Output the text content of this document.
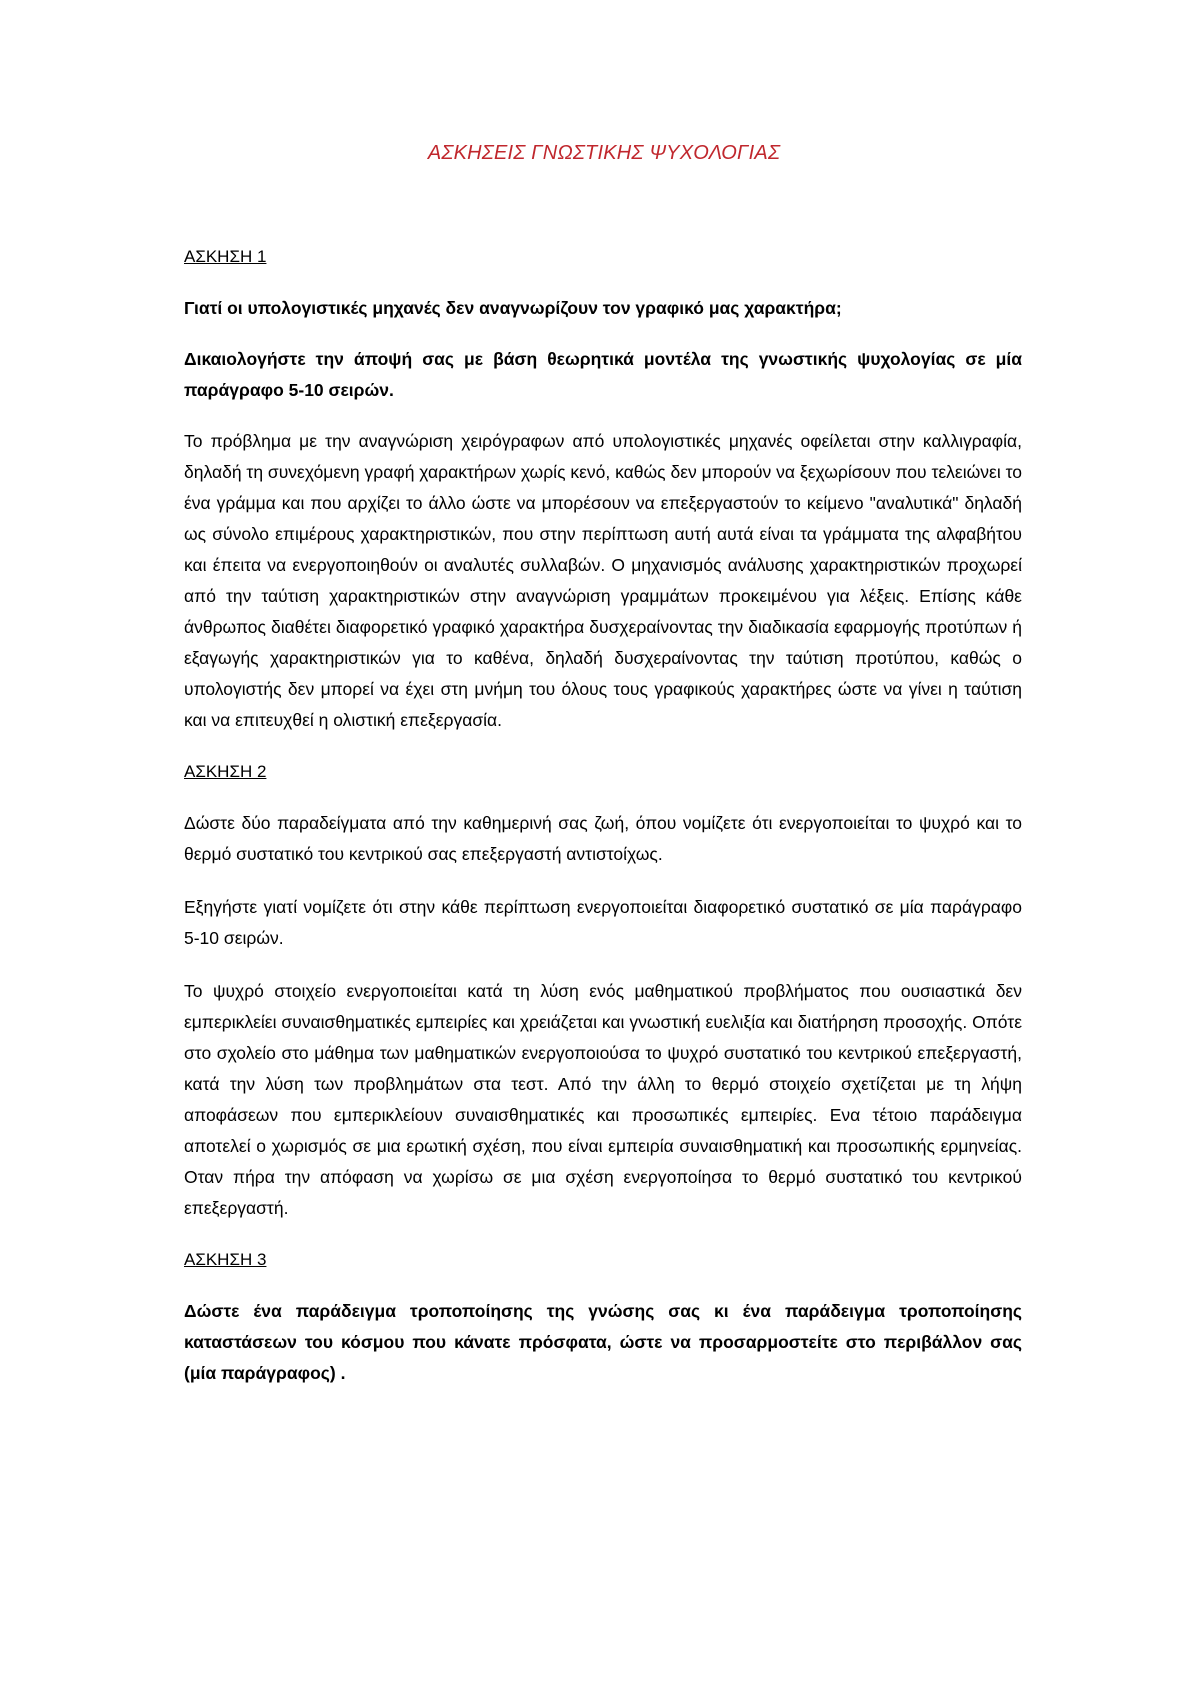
ΑΣΚΗΣΕΙΣ ΓΝΩΣΤΙΚΗΣ ΨΥΧΟΛΟΓΙΑΣ
ΑΣΚΗΣΗ 1
Γιατί οι υπολογιστικές μηχανές δεν αναγνωρίζουν τον γραφικό μας χαρακτήρα;
Δικαιολογήστε την άποψή σας με βάση θεωρητικά μοντέλα της γνωστικής ψυχολογίας σε μία παράγραφο 5-10 σειρών.
Το πρόβλημα με την αναγνώριση χειρόγραφων από υπολογιστικές μηχανές οφείλεται στην καλλιγραφία, δηλαδή τη συνεχόμενη γραφή χαρακτήρων χωρίς κενό, καθώς δεν μπορούν να ξεχωρίσουν που τελειώνει το ένα γράμμα και που αρχίζει το άλλο ώστε να μπορέσουν να επεξεργαστούν το κείμενο "αναλυτικά" δηλαδή ως σύνολο επιμέρους χαρακτηριστικών, που στην περίπτωση αυτή αυτά είναι τα γράμματα της αλφαβήτου και έπειτα να ενεργοποιηθούν οι αναλυτές συλλαβών. Ο μηχανισμός ανάλυσης χαρακτηριστικών προχωρεί από την ταύτιση χαρακτηριστικών στην αναγνώριση γραμμάτων προκειμένου για λέξεις. Επίσης κάθε άνθρωπος διαθέτει διαφορετικό γραφικό χαρακτήρα δυσχεραίνοντας την διαδικασία εφαρμογής προτύπων ή εξαγωγής χαρακτηριστικών για το καθένα, δηλαδή δυσχεραίνοντας την ταύτιση προτύπου, καθώς ο υπολογιστής δεν μπορεί να έχει στη μνήμη του όλους τους γραφικούς χαρακτήρες ώστε να γίνει η ταύτιση και να επιτευχθεί η ολιστική επεξεργασία.
ΑΣΚΗΣΗ 2
Δώστε δύο παραδείγματα από την καθημερινή σας ζωή, όπου νομίζετε ότι ενεργοποιείται το ψυχρό και το θερμό συστατικό του κεντρικού σας επεξεργαστή αντιστοίχως.
Εξηγήστε γιατί νομίζετε ότι στην κάθε περίπτωση ενεργοποιείται διαφορετικό συστατικό σε μία παράγραφο 5-10 σειρών.
Το ψυχρό στοιχείο ενεργοποιείται κατά τη λύση ενός μαθηματικού προβλήματος που ουσιαστικά δεν εμπερικλείει συναισθηματικές εμπειρίες και χρειάζεται και γνωστική ευελιξία και διατήρηση προσοχής. Οπότε στο σχολείο στο μάθημα των μαθηματικών ενεργοποιούσα το ψυχρό συστατικό του κεντρικού επεξεργαστή, κατά την λύση των προβλημάτων στα τεστ. Από την άλλη το θερμό στοιχείο σχετίζεται με τη λήψη αποφάσεων που εμπερικλείουν συναισθηματικές και προσωπικές εμπειρίες. Ενα τέτοιο παράδειγμα αποτελεί ο χωρισμός σε μια ερωτική σχέση, που είναι εμπειρία συναισθηματική και προσωπικής ερμηνείας. Οταν πήρα την απόφαση να χωρίσω σε μια σχέση ενεργοποίησα το θερμό συστατικό του κεντρικού επεξεργαστή.
ΑΣΚΗΣΗ 3
Δώστε ένα παράδειγμα τροποποίησης της γνώσης σας κι ένα παράδειγμα τροποποίησης καταστάσεων του κόσμου που κάνατε πρόσφατα, ώστε να προσαρμοστείτε στο περιβάλλον σας (μία παράγραφος) .
